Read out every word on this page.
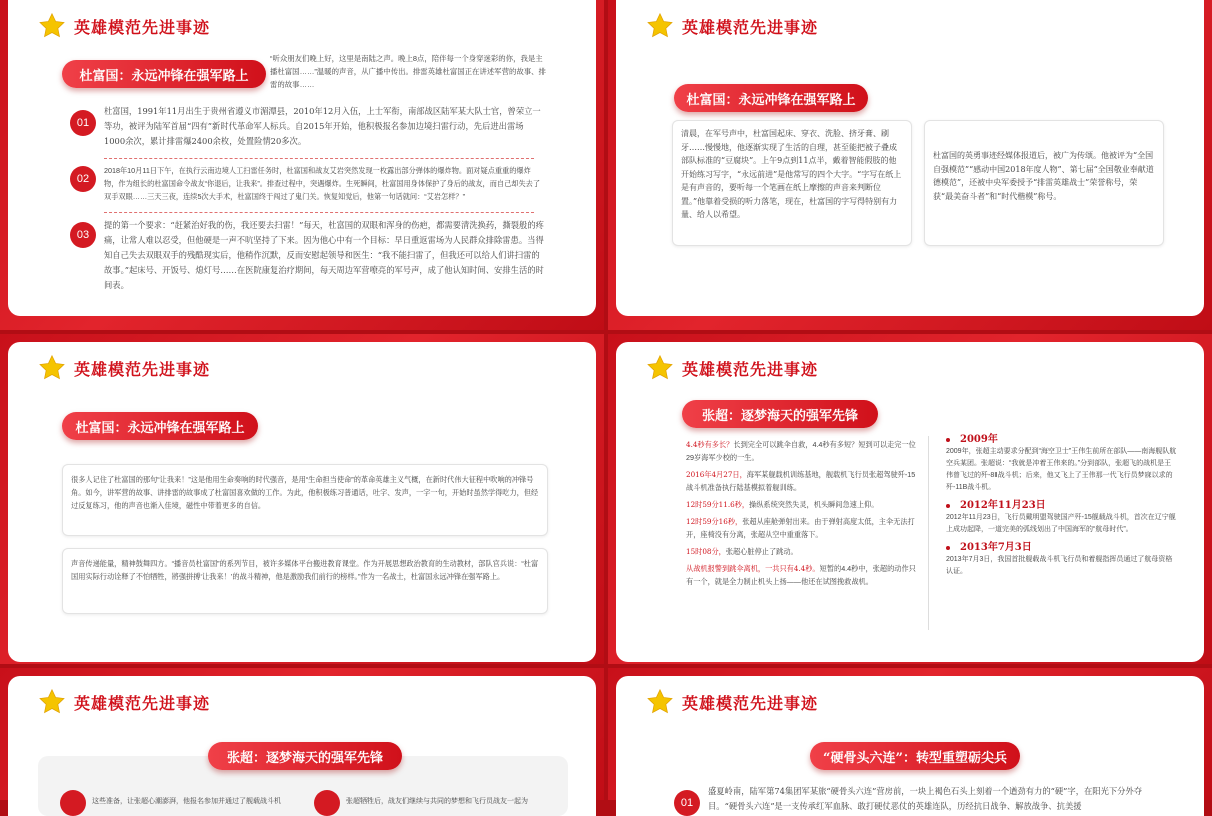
英雄模范先进事迹
杜富国：永远冲锋在强军路上
“听众朋友们晚上好，这里是南陆之声。晚上8点，陪伴每一个身穿迷彩的你，我是主播杜富国……”温暖的声音，从广播中传出。排雷英雄杜富国正在讲述军营的故事、排雷的故事……
01
杜富国，1991年11月出生于贵州省遵义市湄潭县，2010年12月入伍，上士军衔，南部战区陆军某大队士官，曾荣立一等功，被评为陆军首届“四有”新时代革命军人标兵。自2015年开始，他积极报名参加边境扫雷行动，先后进出雷场1000余次，累计排雷爆2400余枚，处置险情20多次。
02
2018年10月11日下午，在执行云南边境人工扫雷任务时，杜富国和战友艾岩突然发现一枚露出部分弹体的爆炸物。面对疑点重重的爆炸物，作为组长的杜富国命令战友“你退后，让我来”。排查过程中，突遇爆炸。生死瞬间，杜富国用身体保护了身后的战友，而自己却失去了双手双眼……三天三夜，连续5次大手术，杜富国终于闯过了鬼门关。恢复知觉后，他第一句话就问：“艾岩怎样？”
03
提的第一个要求：“赶紧治好我的伤，我还要去扫雷！”每天，杜富国的双眼和浑身的伤疤，都需要清洗换药，撕裂般的疼痛，让常人难以忍受，但他硬是一声不吭坚持了下来。因为他心中有一个目标：早日重返雷场为人民群众排除雷患。当得知自己失去双眼双手的残酷现实后，他稍作沉默，反而安慰起领导和医生：“我不能扫雷了，但我还可以给人们讲扫雷的故事。”起床号、开饭号、熄灯号……在医院康复治疗期间，每天周边军营嘹亮的军号声，成了他认知时间、安排生活的时间表。
英雄模范先进事迹
杜富国：永远冲锋在强军路上
清晨，在军号声中，杜富国起床、穿衣、洗脸、挤牙膏、刷牙……慢慢地，他逐渐实现了生活的自理，甚至能把被子叠成部队标准的“豆腐块”。上午9点到11点半，戴着智能假肢的他开始练习写字，“永远前进”是他常写的四个大字。“字写在纸上是有声音的，要听每一个笔画在纸上摩擦的声音来判断位置。”他靠着受损的听力落笔，现在，杜富国的字写得特别有力量、给人以希望。
杜富国的英勇事迹经媒体报道后，被广为传颂。他被评为“全国自强模范”“感动中国2018年度人物”、第七届“全国敬业奉献道德模范”，还被中央军委授予“排雷英雄战士”荣誉称号，荣获“最美奋斗者”和“时代楷模”称号。
英雄模范先进事迹
杜富国：永远冲锋在强军路上
很多人记住了杜富国的那句“让我来！”这是他用生命奏响的时代强音，是用“生命担当使命”的革命英雄主义气概，在新时代伟大征程中吹响的冲锋号角。如今，讲军营的故事、讲排雷的故事成了杜富国喜欢做的工作。为此，他积极练习普通话，吐字、发声，一字一句，开始时虽然学得吃力，但经过反复练习，他的声音也渐入佳境，磁性中带着更多的自信。
声音传递能量，精神鼓舞四方。“播音员杜富国”的系列节目，被许多媒体平台搬进教育课堂。作为开展思想政治教育的生动教材，部队官兵说：“杜富国用实际行动诠释了不怕牺牲，將强拼搏‘让我来！’的战斗精神，他是激励我们前行的榜样。”作为一名战士，杜富国永远冲锋在强军路上。
英雄模范先进事迹
张超：逐梦海天的强军先锋

4.4秒有多长？长到完全可以跳伞自救，4.4秒有多短？短到可以走完一位29岁海军少校的一生。

2016年4月27日，海军某舰载机训练基地，舰载机飞行员张超驾驶歼-15战斗机准备执行陆基模拟着舰训练。

12时59分11.6秒，操纵系统突然失灵，机头瞬间急速上仰。

12时59分16秒，张超从座舱弹射出来。由于弹射高度太低，主伞无法打开，座椅没有分离，张超从空中重重落下。

15时08分，张超心脏停止了跳动。

从战机报警到跳伞离机，一共只有4.4秒。短暂的4.4秒中，张超的动作只有一个，就是全力制止机头上扬——他还在试图挽救战机。

2009年
2009年，张超主动要求分配到“海空卫士”王伟生前所在部队——南海舰队航空兵某团。张超说：“我就是冲着王伟来的。”分到部队，张超飞的战机是王伟曾飞过的歼-8Ⅱ战斗机；后来，他又飞上了王伟那一代飞行员梦寐以求的歼-11B战斗机。
2012年11月23日
2012年11月23日，飞行员戴明盟驾驶国产歼-15舰载战斗机，首次在辽宁舰上成功起降，一道完美的弧线划出了中国海军的“航母时代”。
2013年7月3日
2013年7月3日，我国首批舰载战斗机飞行员和着舰指挥员通过了航母资格认证。
英雄模范先进事迹
张超：逐梦海天的强军先锋
这些准备，让张超心潮澎湃，他报名参加并通过了舰载战斗机	张超牺牲后，战友们继续与共同的梦想和飞行员战友一起为
英雄模范先进事迹
“硬骨头六连”：转型重塑砺尖兵
01
盛夏岭南，陆军第74集团军某旅“硬骨头六连”营房前，一块上褐色石头上刻着一个遒劲有力的“硬”字，在阳光下分外夺目。“硬骨头六连”是一支传承红军血脉、敢打硬仗恶仗的英雄连队，历经抗日战争、解放战争、抗美援
